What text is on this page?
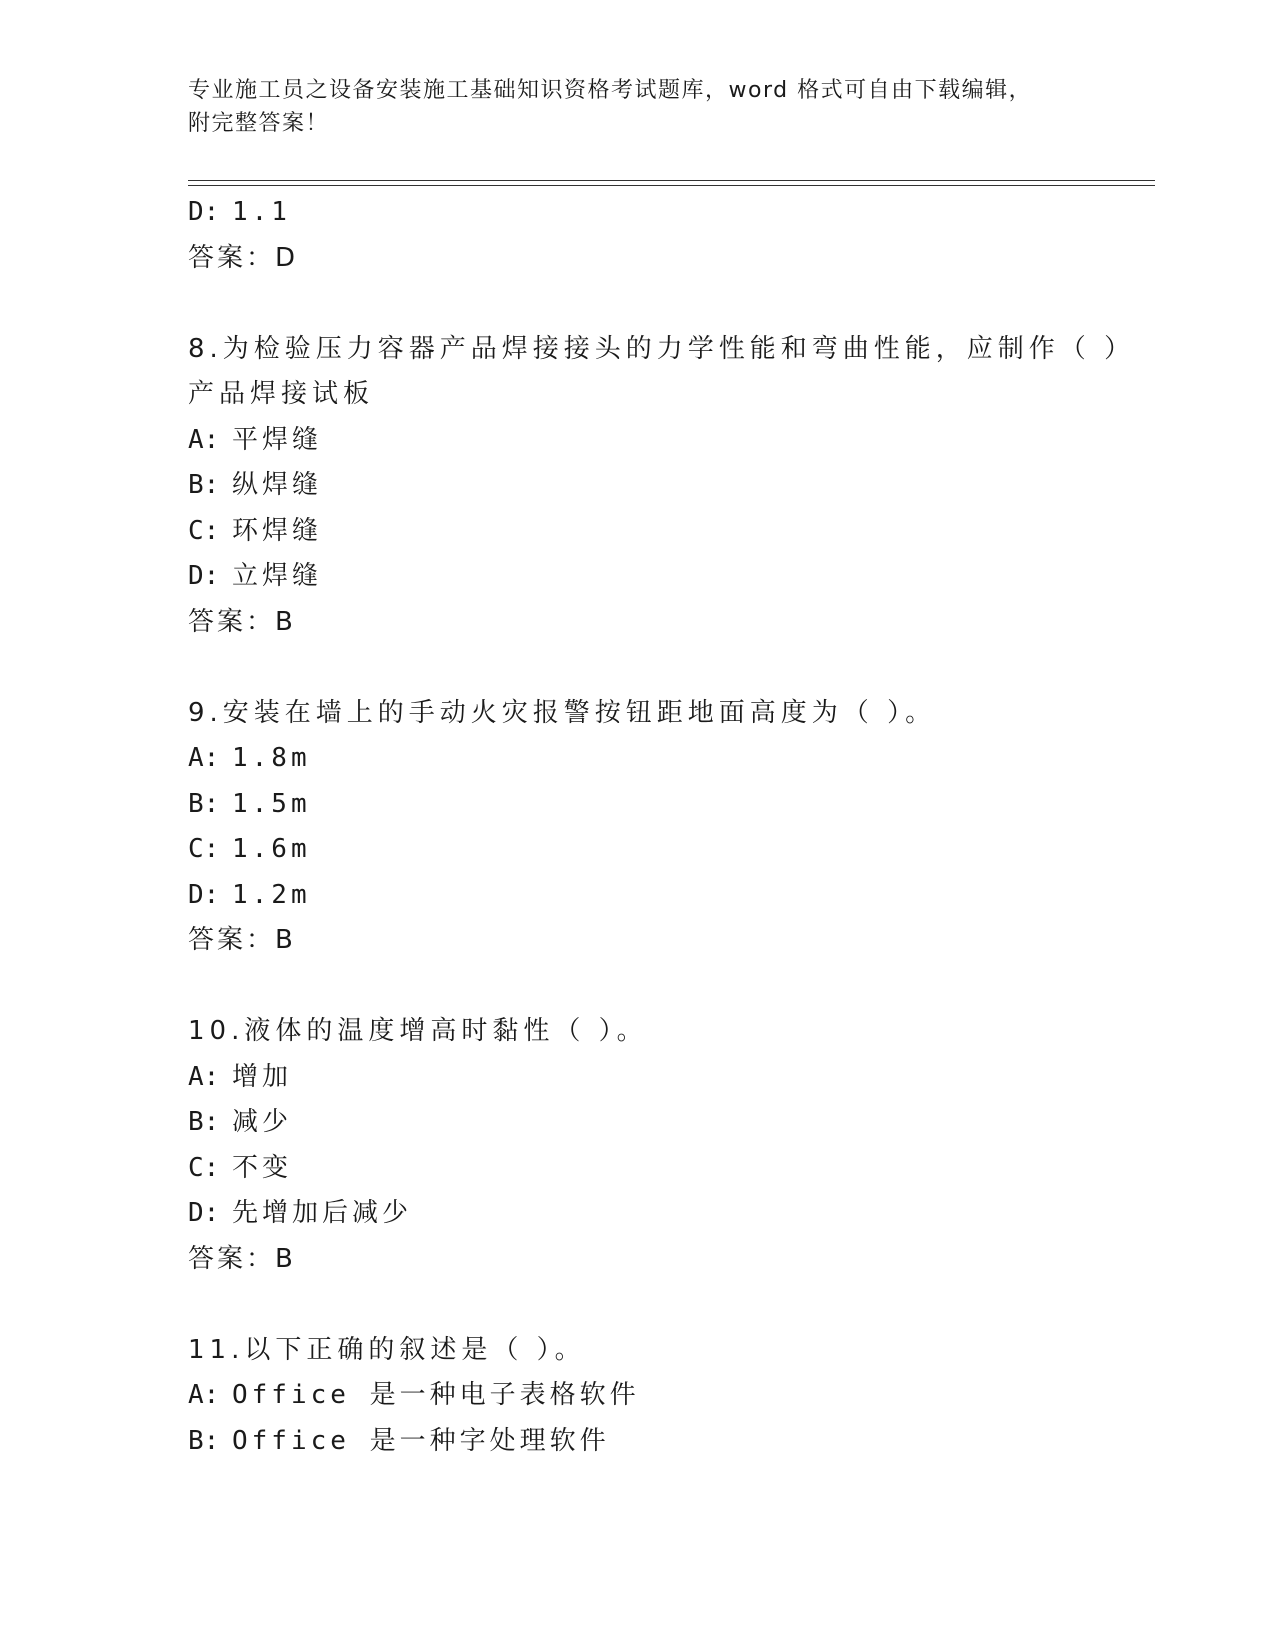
专业施工员之设备安装施工基础知识资格考试题库，word 格式可自由下载编辑，
附完整答案！
D: 1.1
答案：D
8.为检验压力容器产品焊接接头的力学性能和弯曲性能，应制作（ ）
产品焊接试板
A: 平焊缝
B: 纵焊缝
C: 环焊缝
D: 立焊缝
答案：B
9.安装在墙上的手动火灾报警按钮距地面高度为（ ）。
A: 1.8m
B: 1.5m
C: 1.6m
D: 1.2m
答案：B
10.液体的温度增高时黏性（ ）。
A: 增加
B: 减少
C: 不变
D: 先增加后减少
答案：B
11.以下正确的叙述是（ ）。
A: Office 是一种电子表格软件
B: Office 是一种字处理软件
